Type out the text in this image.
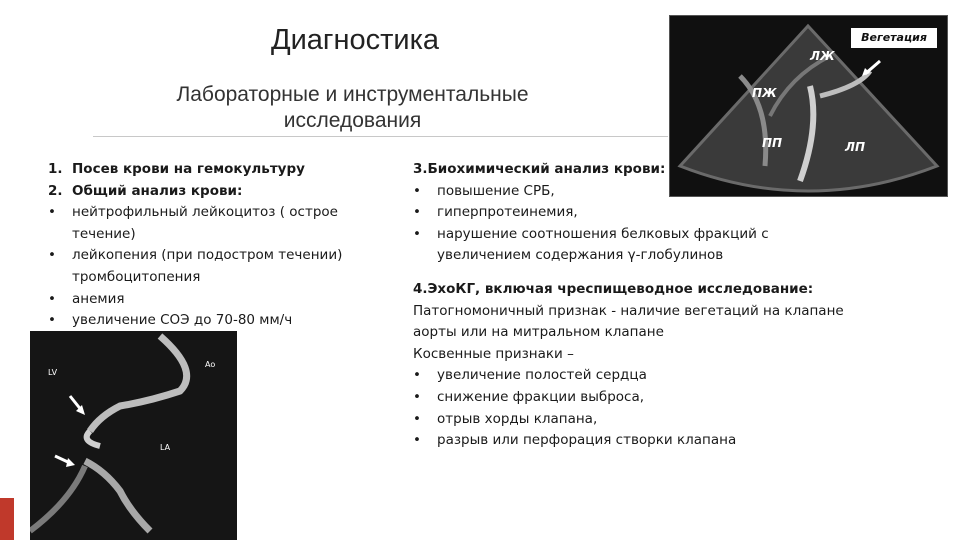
Диагностика
Лабораторные и инструментальные исследования
1. Посев крови на гемокультуру
2. Общий анализ крови:
• нейтрофильный лейкоцитоз ( острое течение)
• лейкопения (при подостром течении) тромбоцитопения
• анемия
• увеличение СОЭ до 70-80 мм/ч
Вегетация
ЛЖ
ПЖ
ПП	ЛП
3.Биохимический анализ крови:
• повышение СРБ,
• гиперпротеинемия,
• нарушение соотношения белковых фракций с увеличением содержания γ-глобулинов
4.ЭхоКГ, включая чреспищеводное исследование:
Патогномоничный признак - наличие вегетаций на клапане аорты или на митральном клапане
Косвенные признаки –
• увеличение полостей сердца
• снижение фракции выброса,
• отрыв хорды клапана,
• разрыв или перфорация створки клапана
LV
Ao
LA
